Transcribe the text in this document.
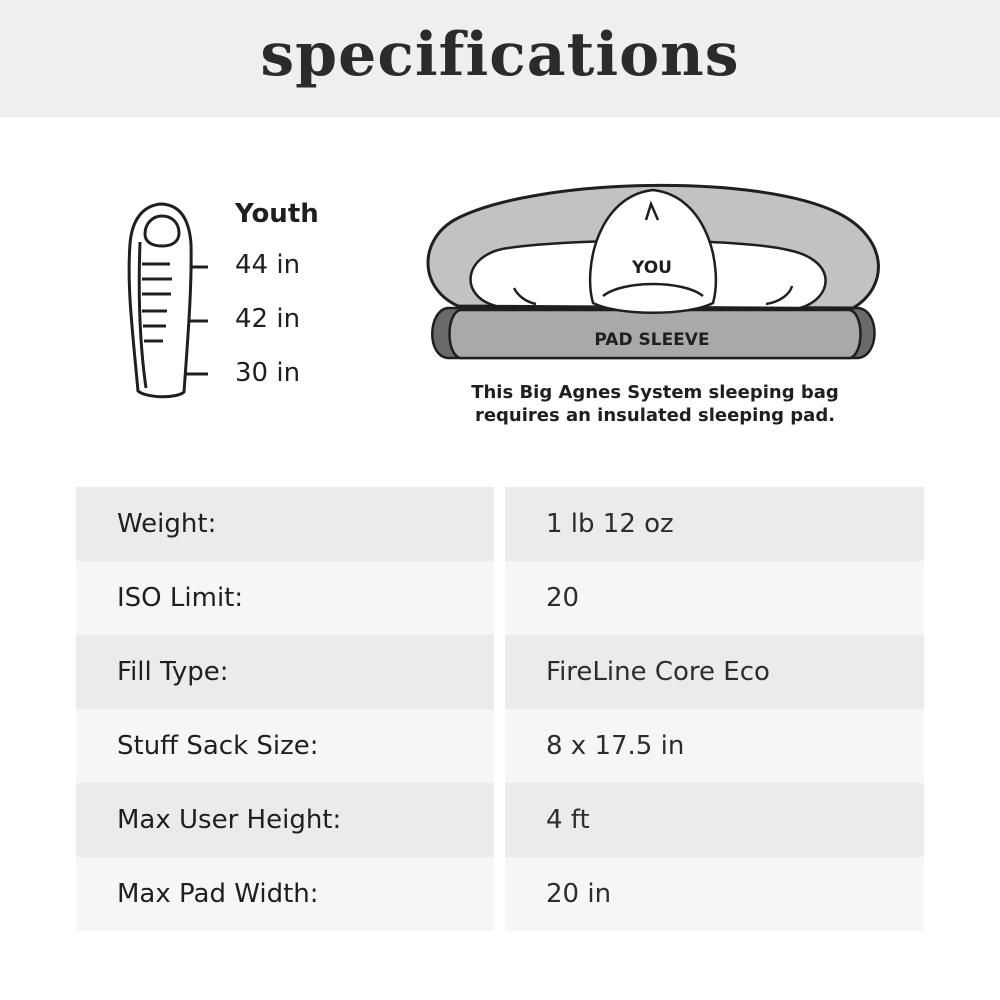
specifications
Youth
44 in
42 in
30 in
YOU
PAD SLEEVE
This Big Agnes System sleeping bag
requires an insulated sleeping pad.
Weight:	1 lb 12 oz
ISO Limit:	20
Fill Type:	FireLine Core Eco
Stuff Sack Size:	8 x 17.5 in
Max User Height:	4 ft
Max Pad Width:	20 in
